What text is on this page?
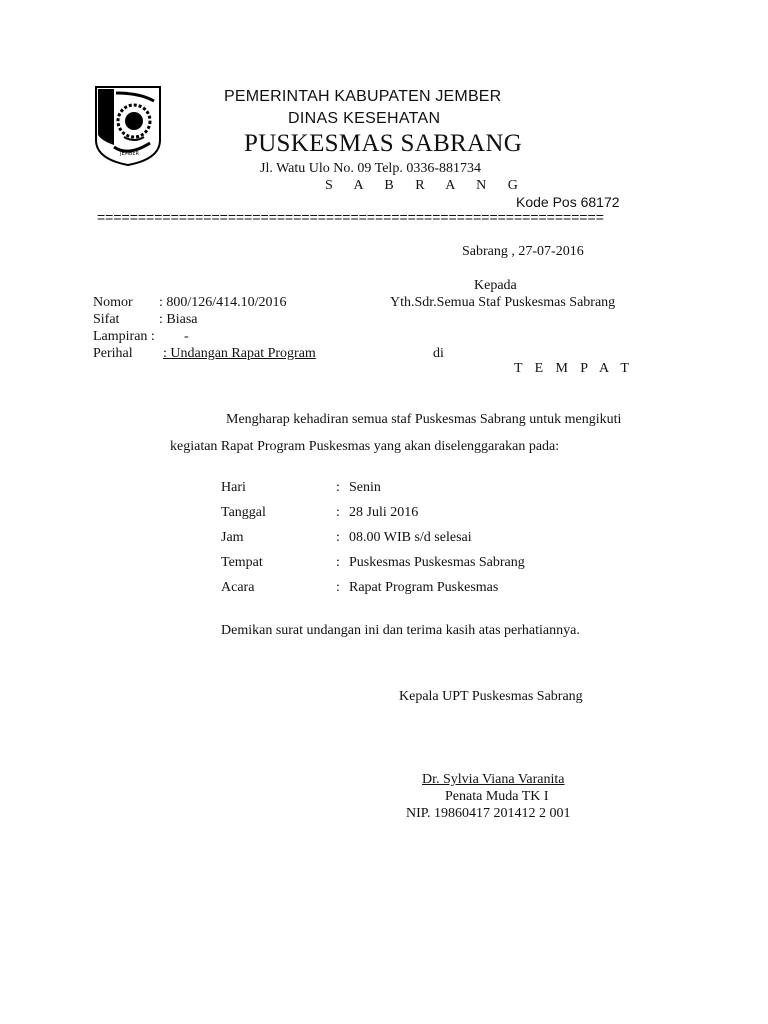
JEMBER
PEMERINTAH KABUPATEN JEMBER
DINAS KESEHATAN
PUSKESMAS SABRANG
Jl. Watu Ulo No. 09 Telp. 0336-881734
S A B R A N G
Kode Pos 68172
==============================================================
Sabrang , 27-07-2016
Kepada
Yth.Sdr.Semua Staf Puskesmas Sabrang
di
T E M P A T
Nomor : 800/126/414.10/2016
Sifat	: Biasa
Lampiran : -
Perihal : Undangan Rapat Program
Mengharap kehadiran semua staf Puskesmas Sabrang untuk mengikuti
kegiatan Rapat Program Puskesmas yang akan diselenggarakan pada:
Hari	: Senin
Tanggal	: 28 Juli 2016
Jam	: 08.00 WIB s/d selesai
Tempat	: Puskesmas Puskesmas Sabrang
Acara	: Rapat Program Puskesmas
Demikan surat undangan ini dan terima kasih atas perhatiannya.
Kepala UPT Puskesmas Sabrang
Dr. Sylvia Viana Varanita
Penata Muda TK I
NIP. 19860417 201412 2 001
